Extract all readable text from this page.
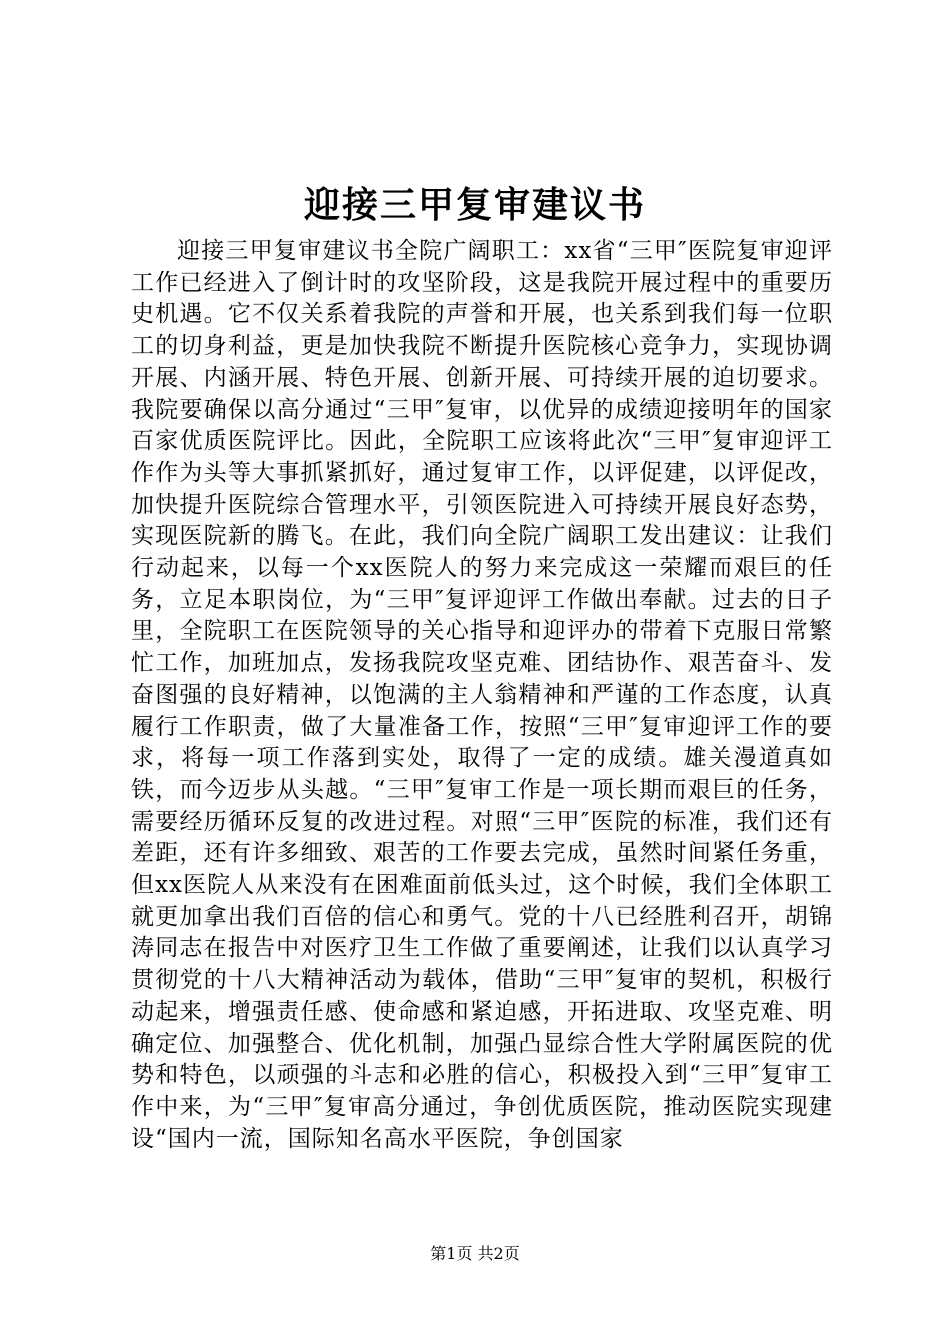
迎接三甲复审建议书

迎接三甲复审建议书全院广阔职工：xx省“三甲″医院复审迎评工作已经进入了倒计时的攻坚阶段，这是我院开展过程中的重要历史机遇。它不仅关系着我院的声誉和开展，也关系到我们每一位职工的切身利益，更是加快我院不断提升医院核心竞争力，实现协调开展、内涵开展、特色开展、创新开展、可持续开展的迫切要求。我院要确保以高分通过“三甲″复审，以优异的成绩迎接明年的国家百家优质医院评比。因此，全院职工应该将此次“三甲″复审迎评工作作为头等大事抓紧抓好，通过复审工作，以评促建，以评促改，加快提升医院综合管理水平，引领医院进入可持续开展良好态势，实现医院新的腾飞。在此，我们向全院广阔职工发出建议：让我们行动起来，以每一个xx医院人的努力来完成这一荣耀而艰巨的任务，立足本职岗位，为“三甲″复评迎评工作做出奉献。过去的日子里，全院职工在医院领导的关心指导和迎评办的带着下克服日常繁忙工作，加班加点，发扬我院攻坚克难、团结协作、艰苦奋斗、发奋图强的良好精神，以饱满的主人翁精神和严谨的工作态度，认真履行工作职责，做了大量准备工作，按照“三甲″复审迎评工作的要求，将每一项工作落到实处，取得了一定的成绩。雄关漫道真如铁，而今迈步从头越。“三甲″复审工作是一项长期而艰巨的任务，需要经历循环反复的改进过程。对照“三甲″医院的标准，我们还有差距，还有许多细致、艰苦的工作要去完成，虽然时间紧任务重，但xx医院人从来没有在困难面前低头过，这个时候，我们全体职工就更加拿出我们百倍的信心和勇气。党的十八已经胜利召开，胡锦涛同志在报告中对医疗卫生工作做了重要阐述，让我们以认真学习贯彻党的十八大精神活动为载体，借助“三甲″复审的契机，积极行动起来，增强责任感、使命感和紧迫感，开拓进取、攻坚克难、明确定位、加强整合、优化机制，加强凸显综合性大学附属医院的优势和特色，以顽强的斗志和必胜的信心，积极投入到“三甲″复审工作中来，为“三甲″复审高分通过，争创优质医院，推动医院实现建设“国内一流，国际知名高水平医院，争创国家

第1页 共2页
